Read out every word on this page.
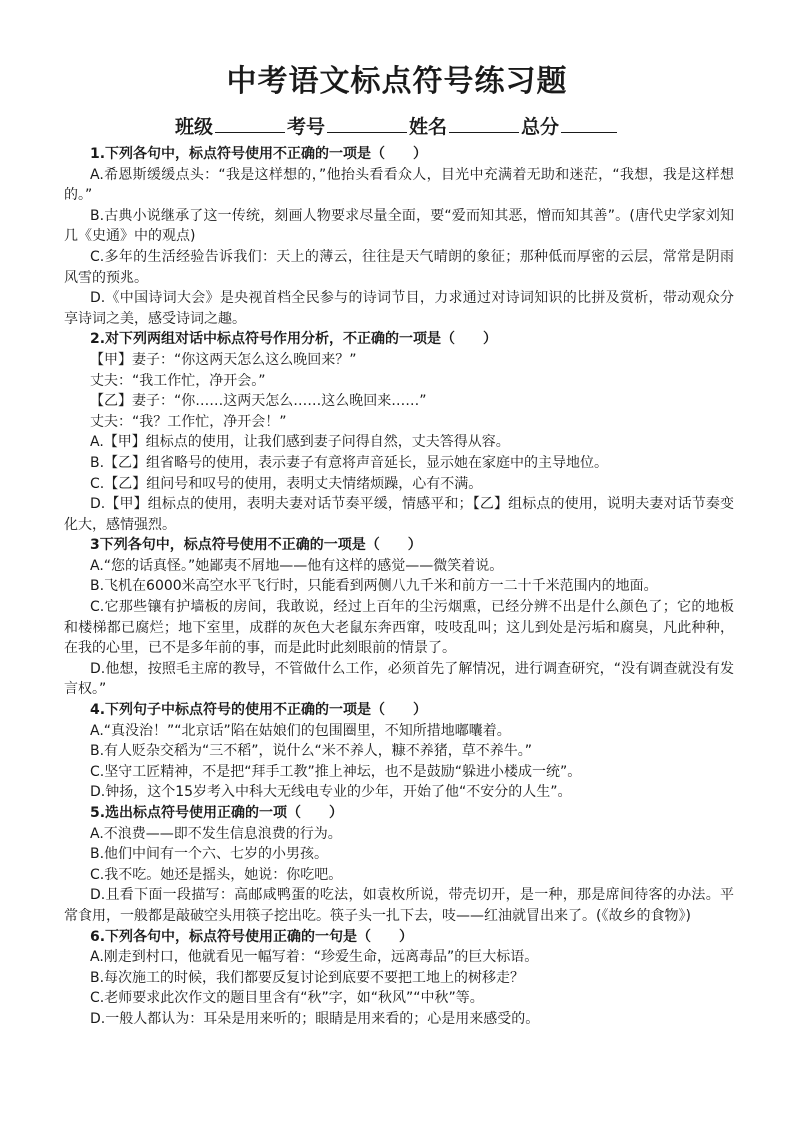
中考语文标点符号练习题
班级	考号	姓名	总分

1.下列各句中，标点符号使用不正确的一项是（　　）

A.希恩斯缓缓点头：“我是这样想的，”他抬头看看众人，目光中充满着无助和迷茫，“我想，我是这样想的。”

B.古典小说继承了这一传统，刻画人物要求尽量全面，要“爱而知其恶，憎而知其善”。(唐代史学家刘知几《史通》中的观点)

C.多年的生活经验告诉我们：天上的薄云，往往是天气晴朗的象征；那种低而厚密的云层，常常是阴雨风雪的预兆。

D.《中国诗词大会》是央视首档全民参与的诗词节目，力求通过对诗词知识的比拼及赏析，带动观众分享诗词之美，感受诗词之趣。

2.对下列两组对话中标点符号作用分析，不正确的一项是（　　）

【甲】妻子：“你这两天怎么这么晚回来？”

丈夫：“我工作忙，净开会。”

【乙】妻子：“你……这两天怎么……这么晚回来……”

丈夫：“我？工作忙，净开会！”

A.【甲】组标点的使用，让我们感到妻子问得自然，丈夫答得从容。

B.【乙】组省略号的使用，表示妻子有意将声音延长，显示她在家庭中的主导地位。

C.【乙】组问号和叹号的使用，表明丈夫情绪烦躁，心有不满。

D.【甲】组标点的使用，表明夫妻对话节奏平缓，情感平和；【乙】组标点的使用，说明夫妻对话节奏变化大，感情强烈。

3下列各句中，标点符号使用不正确的一项是（　　）

A.“您的话真怪。”她鄙夷不屑地——他有这样的感觉——微笑着说。

B.飞机在6000米高空水平飞行时，只能看到两侧八九千米和前方一二十千米范围内的地面。

C.它那些镶有护墙板的房间，我敢说，经过上百年的尘污烟熏，已经分辨不出是什么颜色了；它的地板和楼梯都已腐烂；地下室里，成群的灰色大老鼠东奔西窜，吱吱乱叫；这儿到处是污垢和腐臭，凡此种种，在我的心里，已不是多年前的事，而是此时此刻眼前的情景了。

D.他想，按照毛主席的教导，不管做什么工作，必须首先了解情况，进行调查研究，“没有调查就没有发言权。”

4.下列句子中标点符号的使用不正确的一项是（　　）

A.“真没治！”“北京话”陷在姑娘们的包围圈里，不知所措地嘟囔着。

B.有人贬杂交稻为“三不稻”，说什么“米不养人，糠不养猪，草不养牛。”

C.坚守工匠精神，不是把“拜手工教”推上神坛，也不是鼓励“躲进小楼成一统”。

D.钟扬，这个15岁考入中科大无线电专业的少年，开始了他“不安分的人生”。

5.选出标点符号使用正确的一项（　　）

A.不浪费——即不发生信息浪费的行为。

B.他们中间有一个六、七岁的小男孩。

C.我不吃。她还是摇头，她说：你吃吧。

D.且看下面一段描写：高邮咸鸭蛋的吃法，如袁枚所说，带壳切开，是一种，那是席间待客的办法。平常食用，一般都是敲破空头用筷子挖出吃。筷子头一扎下去，吱——红油就冒出来了。(《故乡的食物》)

6.下列各句中，标点符号使用正确的一句是（　　）

A.刚走到村口，他就看见一幅写着：“珍爱生命，远离毒品”的巨大标语。

B.每次施工的时候，我们都要反复讨论到底要不要把工地上的树移走？

C.老师要求此次作文的题目里含有“秋”字，如“秋风”“中秋”等。

D.一般人都认为：耳朵是用来听的；眼睛是用来看的；心是用来感受的。
